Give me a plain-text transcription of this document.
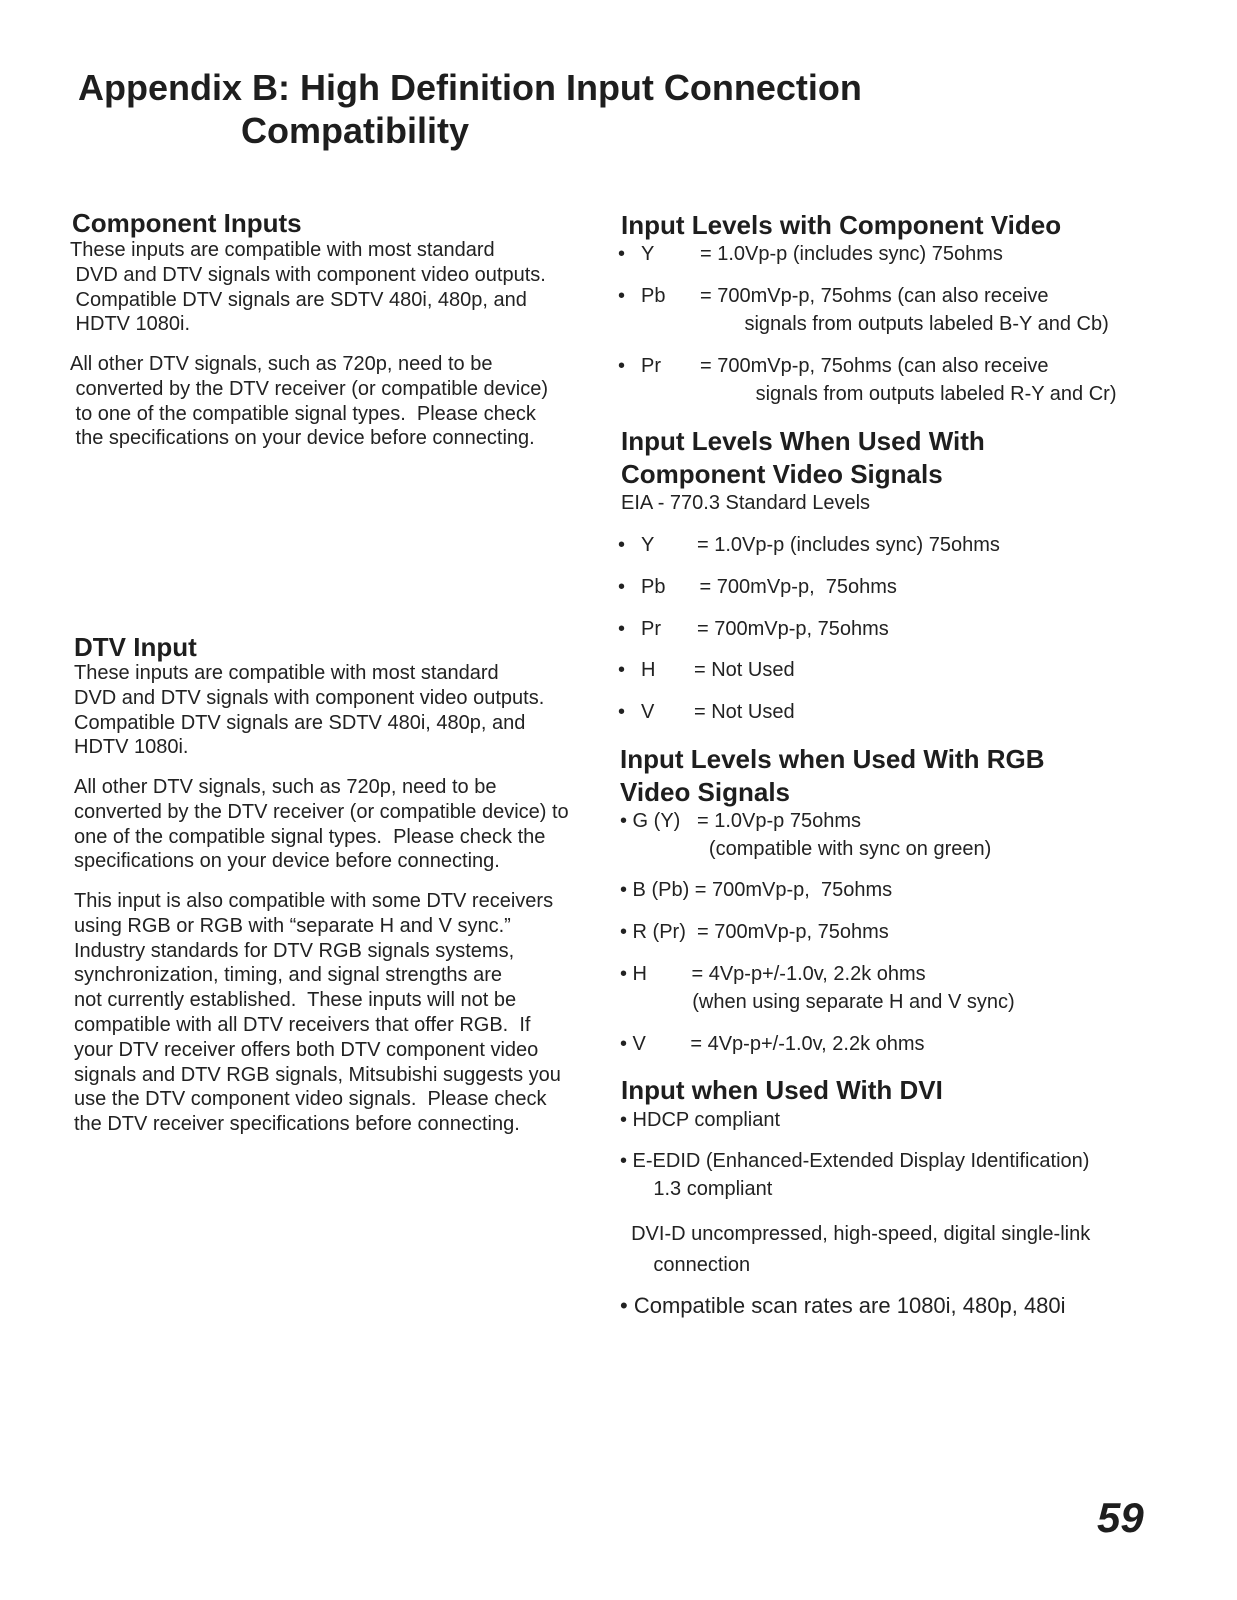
Appendix B: High Definition Input Connection
Compatibility
Component Inputs

These inputs are compatible with most standard
DVD and DTV signals with component video outputs.
Compatible DTV signals are SDTV 480i, 480p, and
HDTV 1080i.

All other DTV signals, such as 720p, need to be
converted by the DTV receiver (or compatible device)
to one of the compatible signal types.  Please check
the specifications on your device before connecting.

DTV Input

These inputs are compatible with most standard
DVD and DTV signals with component video outputs.
Compatible DTV signals are SDTV 480i, 480p, and
HDTV 1080i.

All other DTV signals, such as 720p, need to be
converted by the DTV receiver (or compatible device) to
one of the compatible signal types.  Please check the
specifications on your device before connecting.

This input is also compatible with some DTV receivers
using RGB or RGB with “separate H and V sync.”
Industry standards for DTV RGB signals systems,
synchronization, timing, and signal strengths are
not currently established.  These inputs will not be
compatible with all DTV receivers that offer RGB.  If
your DTV receiver offers both DTV component video
signals and DTV RGB signals, Mitsubishi suggests you
use the DTV component video signals.  Please check
the DTV receiver specifications before connecting.

Input Levels with Component Video
• Y = 1.0Vp-p (includes sync) 75ohms
• Pb = 700mVp-p, 75ohms (can also receive
signals from outputs labeled B-Y and Cb)
• Pr = 700mVp-p, 75ohms (can also receive
signals from outputs labeled R-Y and Cr)
Input Levels When Used With
Component Video Signals
EIA - 770.3 Standard Levels
• Y = 1.0Vp-p (includes sync) 75ohms
• Pb = 700mVp-p,  75ohms
• Pr = 700mVp-p, 75ohms
• H = Not Used
• V = Not Used
Input Levels when Used With RGB
Video Signals
• G (Y)   = 1.0Vp-p 75ohms
(compatible with sync on green)
• B (Pb) = 700mVp-p,  75ohms
• R (Pr)  = 700mVp-p, 75ohms
• H        = 4Vp-p+/-1.0v, 2.2k ohms
(when using separate H and V sync)
• V        = 4Vp-p+/-1.0v, 2.2k ohms
Input when Used With DVI
• HDCP compliant
• E-EDID (Enhanced-Extended Display Identification)
1.3 compliant
DVI-D uncompressed, high-speed, digital single-link
connection
• Compatible scan rates are 1080i, 480p, 480i
59
